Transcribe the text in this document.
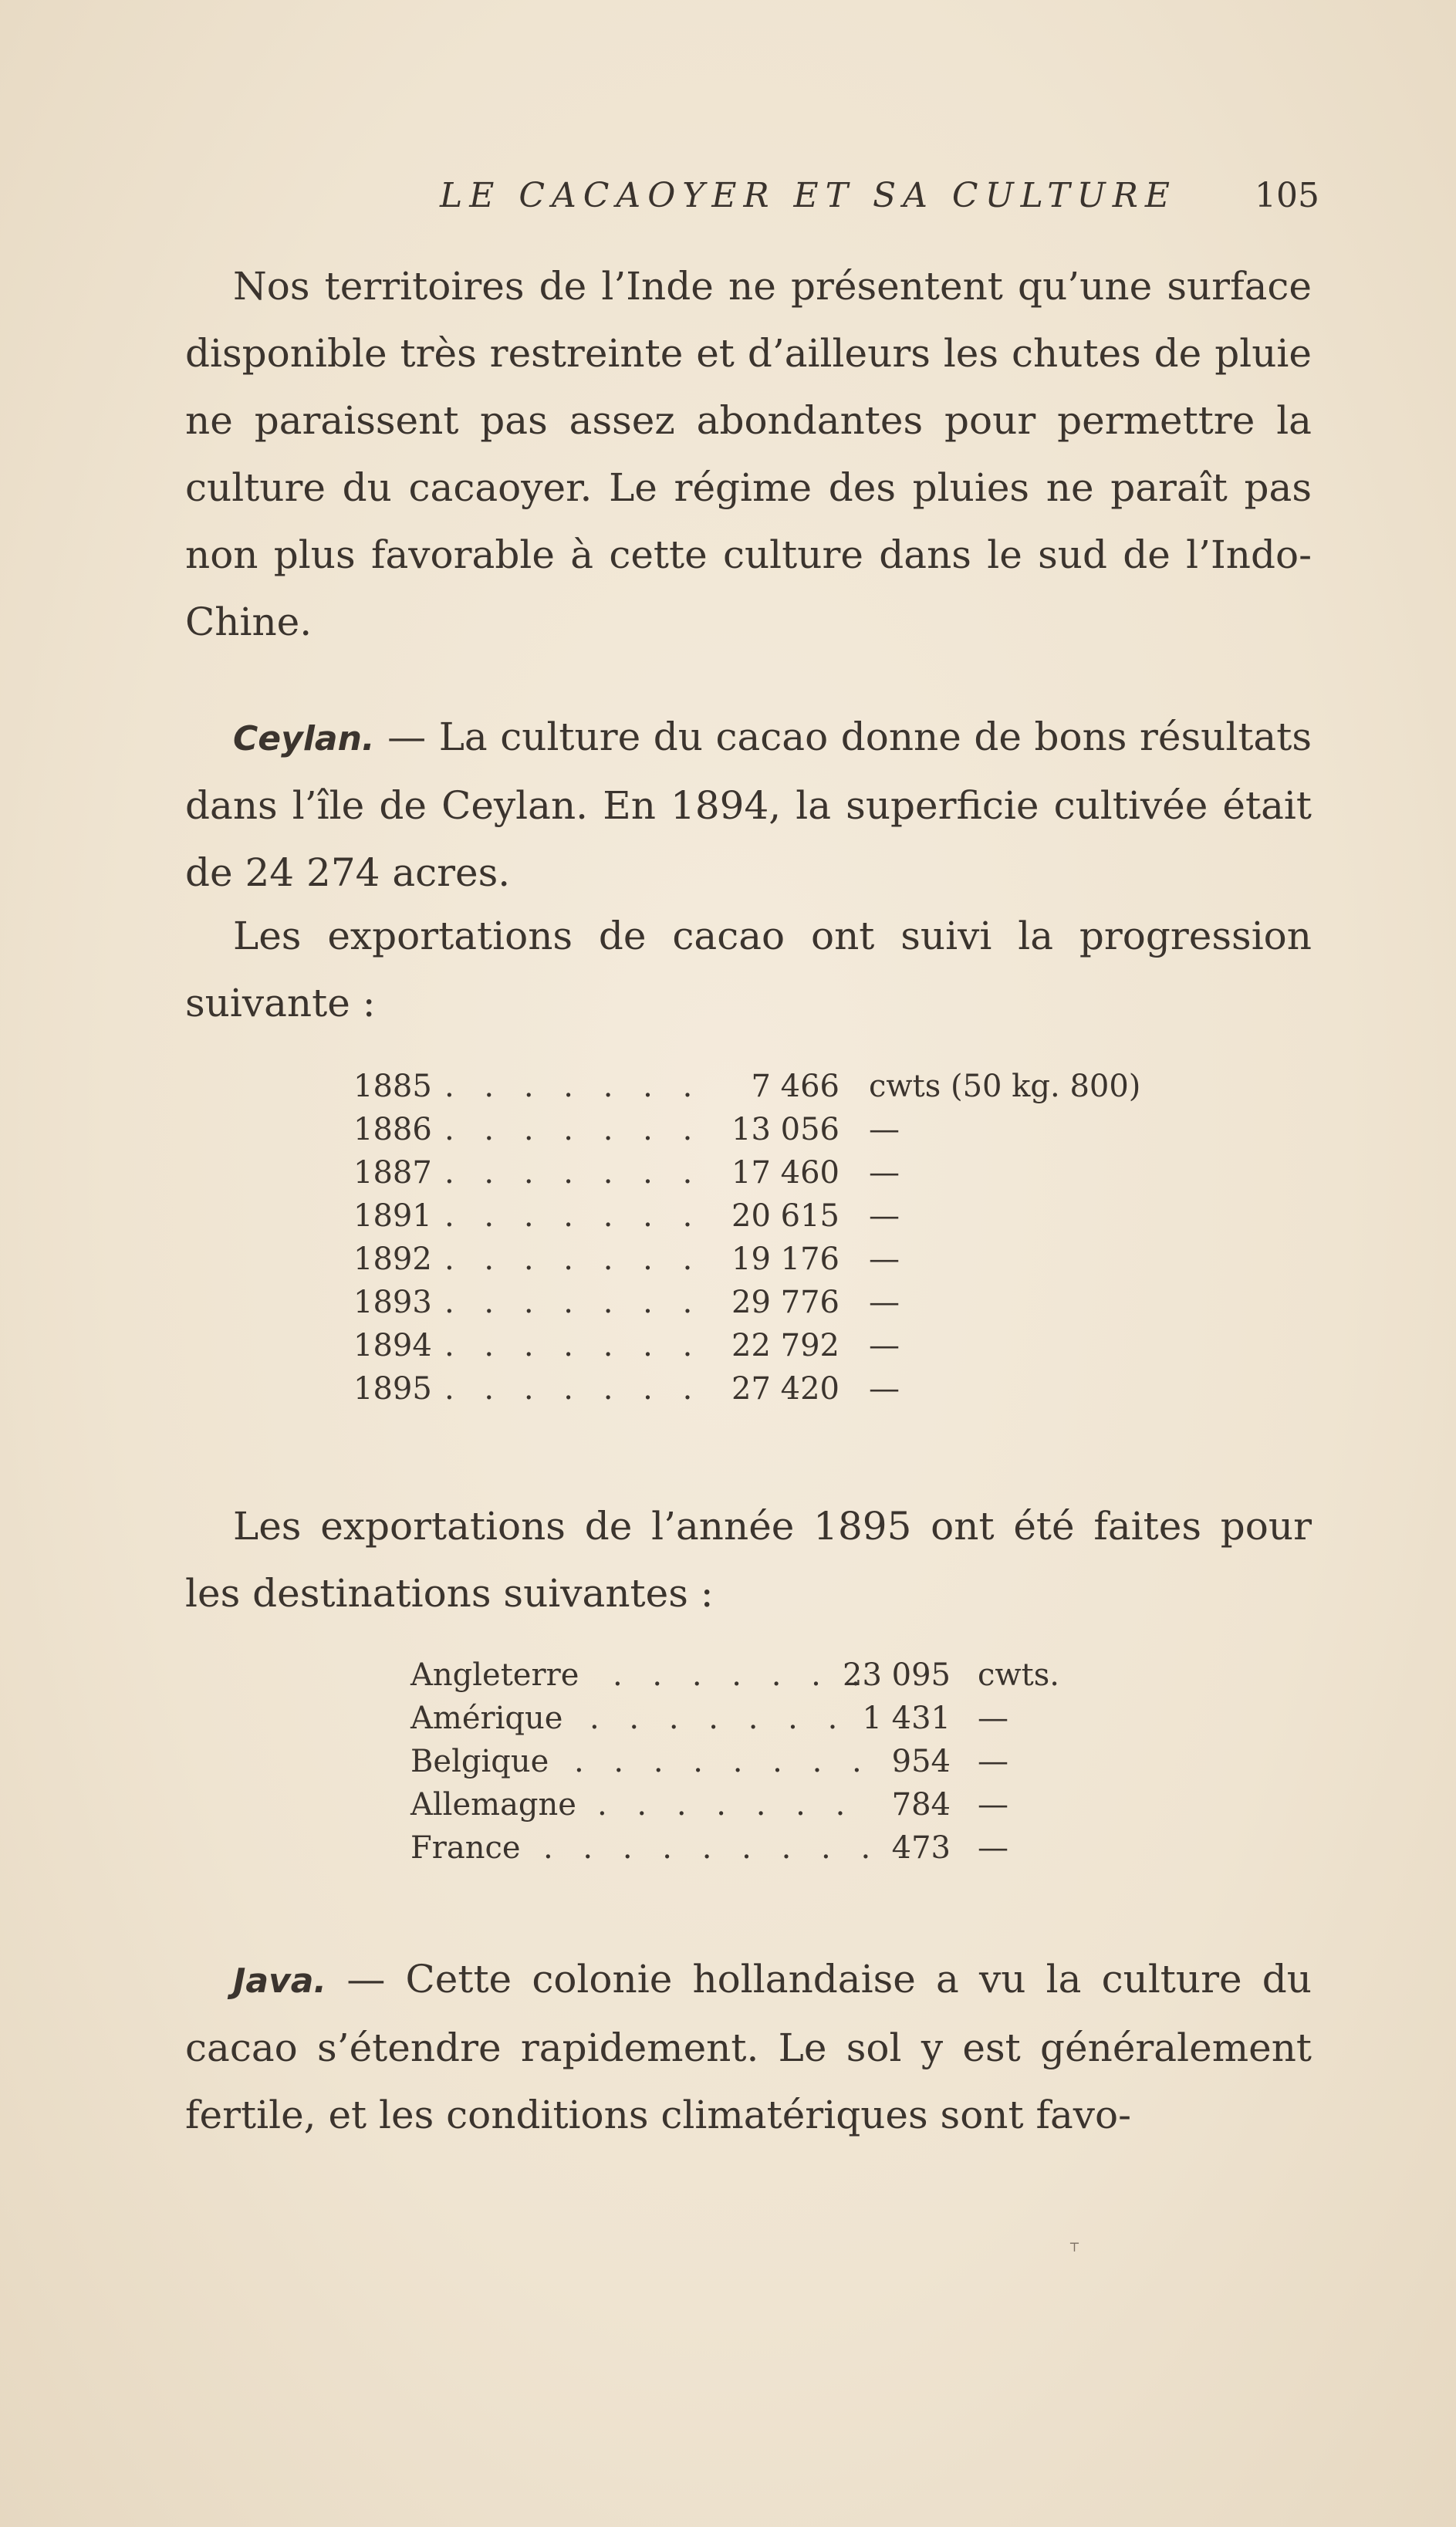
LE CACAOYER ET SA CULTURE 105

Nos territoires de l’Inde ne présentent qu’une surface disponible très restreinte et d’ailleurs les chutes de pluie ne paraissent pas assez abondantes pour permettre la culture du cacaoyer. Le régime des pluies ne paraît pas non plus favorable à cette culture dans le sud de l’Indo-Chine.

Ceylan. — La culture du cacao donne de bons résultats dans l’île de Ceylan. En 1894, la superficie cultivée était de 24 274 acres.

Les exportations de cacao ont suivi la progression suivante :

1885 . . . . . . .	7 466 cwts (50 kg. 800)
1886 . . . . . . . 13 056 —
1887 . . . . . . . 17 460 —
1891 . . . . . . . 20 615 —
1892 . . . . . . . 19 176 —
1893 . . . . . . . 29 776 —
1894 . . . . . . . 22 792 —
1895 . . . . . . . 27 420 —

Les exportations de l’année 1895 ont été faites pour les destinations suivantes :

Angleterre . . . . . . .
23 095 cwts.
Amérique . . . . . . . 1 431 —
Belgique . . . . . . . . 954 —
Allemagne . . . . . . .	784 —
France . . . . . . . . . 473 —

Java. — Cette colonie hollandaise a vu la culture du cacao s’étendre rapidement. Le sol y est généralement fertile, et les conditions climatériques sont favo-

⸆
